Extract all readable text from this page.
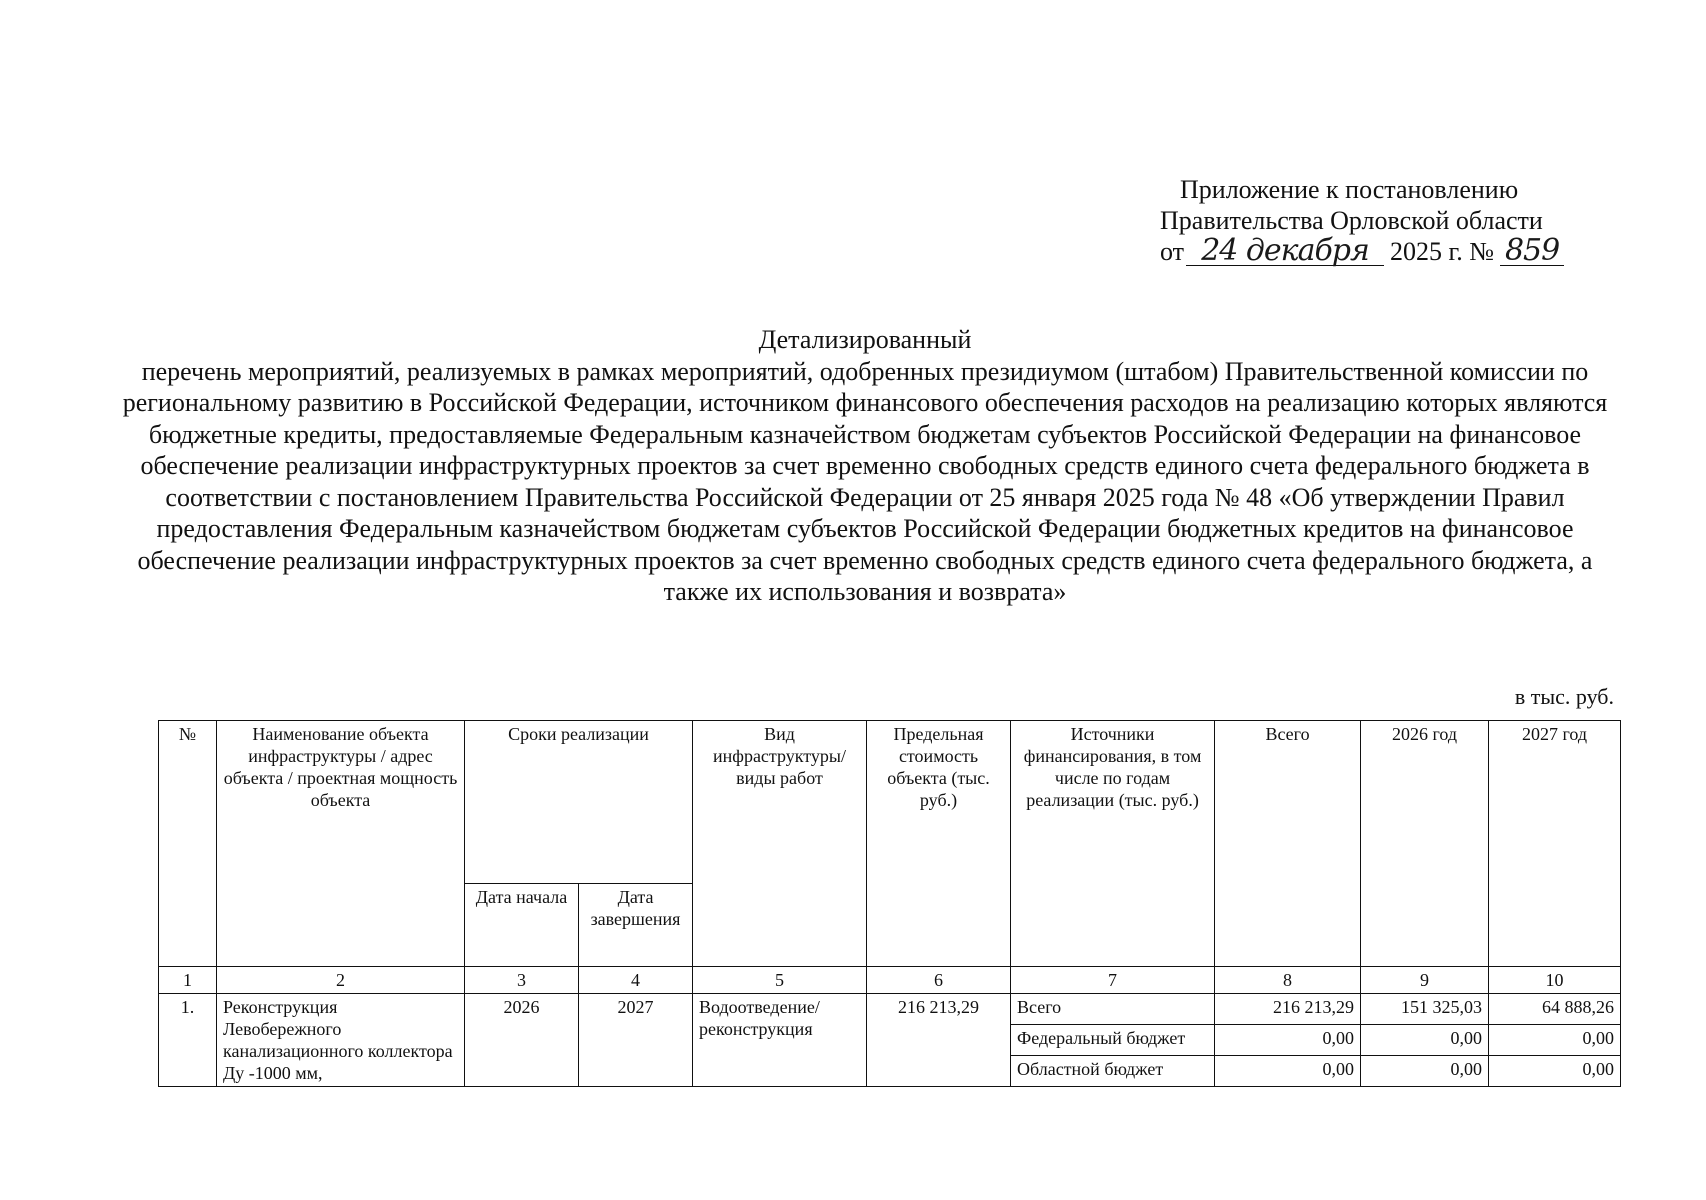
Приложение к постановлению
Правительства Орловской области
от 24 декабря 2025 г. № 859
Детализированный
перечень мероприятий, реализуемых в рамках мероприятий, одобренных президиумом (штабом) Правительственной комиссии по региональному развитию в Российской Федерации, источником финансового обеспечения расходов на реализацию которых являются бюджетные кредиты, предоставляемые Федеральным казначейством бюджетам субъектов Российской Федерации на финансовое обеспечение реализации инфраструктурных проектов за счет временно свободных средств единого счета федерального бюджета в соответствии с постановлением Правительства Российской Федерации от 25 января 2025 года № 48 «Об утверждении Правил предоставления Федеральным казначейством бюджетам субъектов Российской Федерации бюджетных кредитов на финансовое обеспечение реализации инфраструктурных проектов за счет временно свободных средств единого счета федерального бюджета, а также их использования и возврата»
в тыс. руб.
№	Наименование объекта инфраструктуры / адрес объекта / проектная мощность объекта	Сроки реализации		Вид инфраструктуры/ виды работ	Предельная стоимость объекта (тыс. руб.)	Источники финансирования, в том числе по годам реализации (тыс. руб.)	Всего	2026 год	2027 год
		Дата начала	Дата завершения						
1	2	3	4	5	6	7	8	9	10
1.	Реконструкция Левобережного канализационного коллектора Ду -1000 мм,	2026	2027	Водоотведение/ реконструкция	216 213,29	Всего	216 213,29	151 325,03	64 888,26
						Федеральный бюджет	0,00	0,00	0,00
						Областной бюджет	0,00	0,00	0,00
